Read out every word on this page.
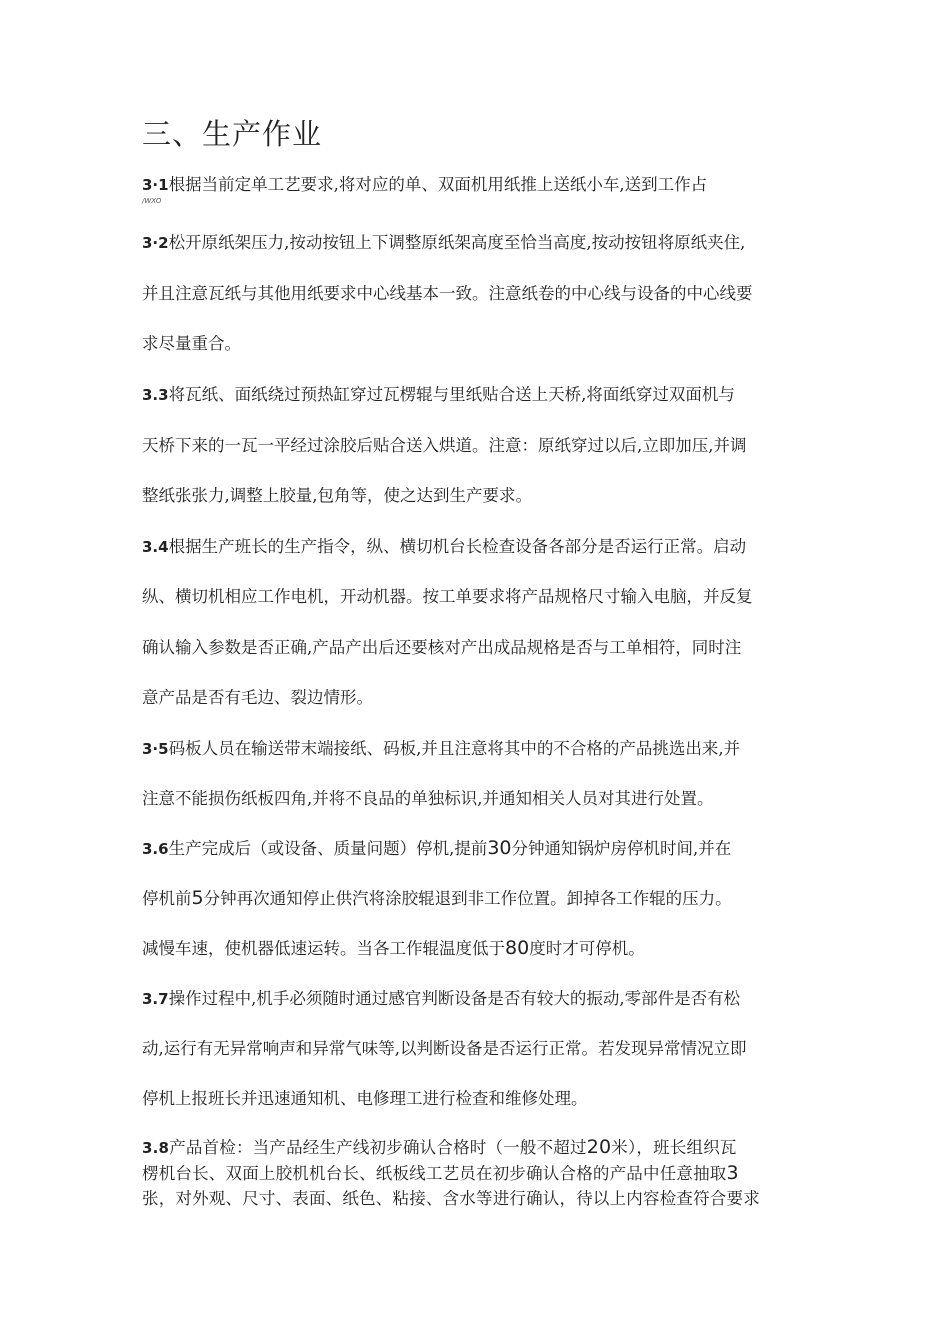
三、生产作业
3·1根据当前定单工艺要求,将对应的单、双面机用纸推上送纸小车,送到工作占
/WXO
3·2松开原纸架压力,按动按钮上下调整原纸架高度至恰当高度,按动按钮将原纸夹住,
并且注意瓦纸与其他用纸要求中心线基本一致。注意纸卷的中心线与设备的中心线要
求尽量重合。
3.3将瓦纸、面纸绕过预热缸穿过瓦楞辊与里纸贴合送上天桥,将面纸穿过双面机与
天桥下来的一瓦一平经过涂胶后贴合送入烘道。注意：原纸穿过以后,立即加压,并调
整纸张张力,调整上胶量,包角等，使之达到生产要求。
3.4根据生产班长的生产指令，纵、横切机台长检查设备各部分是否运行正常。启动
纵、横切机相应工作电机，开动机器。按工单要求将产品规格尺寸输入电脑，并反复
确认输入参数是否正确,产品产出后还要核对产出成品规格是否与工单相符，同时注
意产品是否有毛边、裂边情形。
3·5码板人员在输送带末端接纸、码板,并且注意将其中的不合格的产品挑选出来,并
注意不能损伤纸板四角,并将不良品的单独标识,并通知相关人员对其进行处置。
3.6生产完成后（或设备、质量问题）停机,提前30分钟通知锅炉房停机时间,并在
停机前5分钟再次通知停止供汽将涂胶辊退到非工作位置。卸掉各工作辊的压力。
减慢车速，使机器低速运转。当各工作辊温度低于80度时才可停机。
3.7操作过程中,机手必须随时通过感官判断设备是否有较大的振动,零部件是否有松
动,运行有无异常响声和异常气味等,以判断设备是否运行正常。若发现异常情况立即
停机上报班长并迅速通知机、电修理工进行检查和维修处理。
3.8产品首检：当产品经生产线初步确认合格时（一般不超过20米），班长组织瓦
楞机台长、双面上胶机机台长、纸板线工艺员在初步确认合格的产品中任意抽取3
张，对外观、尺寸、表面、纸色、粘接、含水等进行确认，待以上内容检查符合要求
